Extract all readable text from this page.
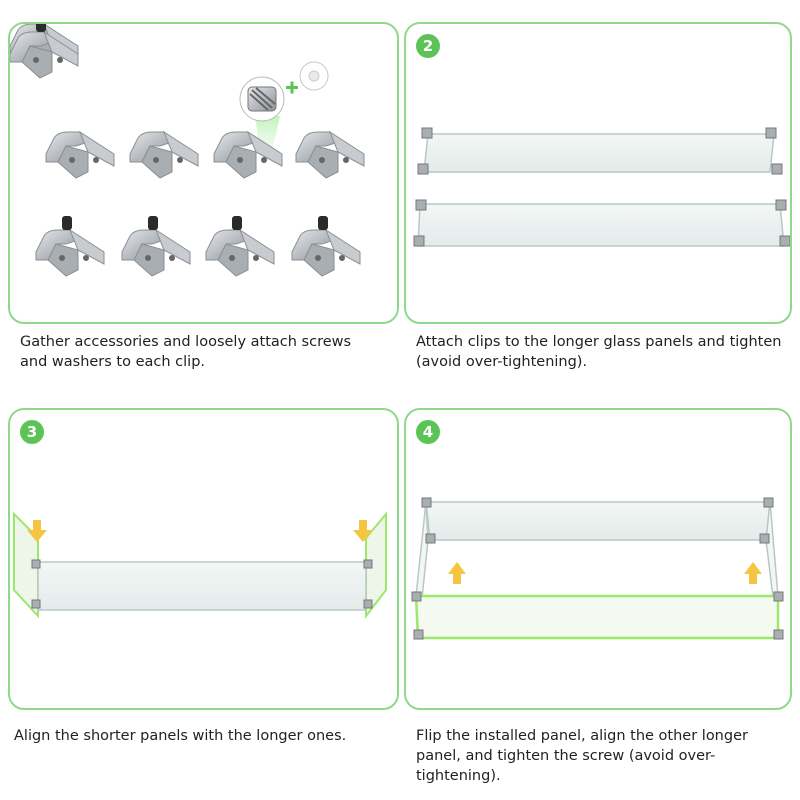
Gather accessories and loosely attach screws and washers to each clip.
2
Attach clips to the longer glass panels and tighten (avoid over-tightening).
3
Align the shorter panels with the longer ones.
4
Flip the installed panel, align the other longer panel, and tighten the screw (avoid over-tightening).
